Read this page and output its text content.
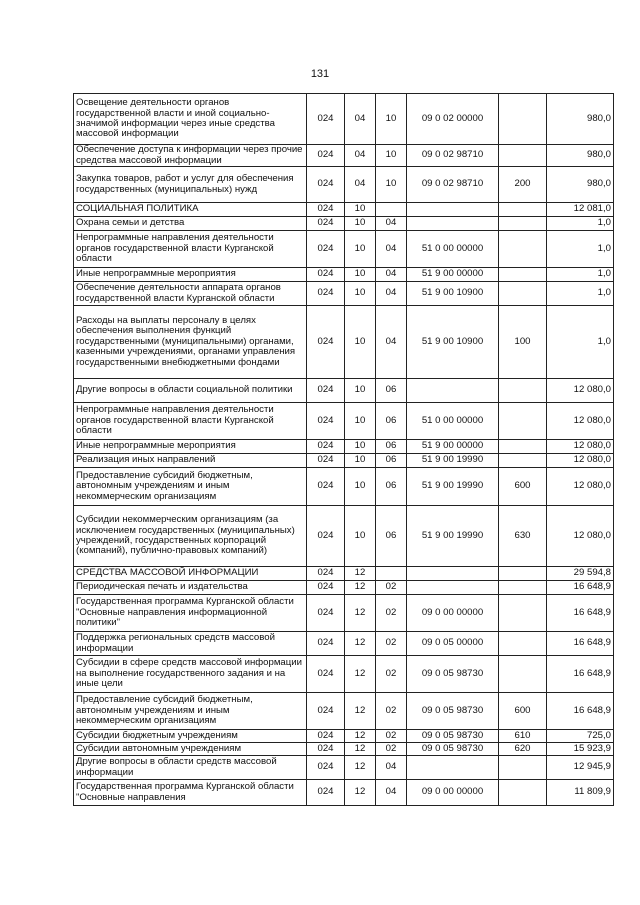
131
Освещение деятельности органов государственной власти и иной социально-значимой информации через иные средства массовой информации	024	04	10	09 0 02 00000		980,0
Обеспечение доступа к информации через прочие средства массовой информации	024	04	10	09 0 02 98710		980,0
Закупка товаров, работ и услуг для обеспечения государственных (муниципальных) нужд	024	04	10	09 0 02 98710	200	980,0
СОЦИАЛЬНАЯ ПОЛИТИКА	024	10				12 081,0
Охрана семьи и детства	024	10	04			1,0
Непрограммные направления деятельности органов государственной власти Курганской области	024	10	04	51 0 00 00000		1,0
Иные непрограммные мероприятия	024	10	04	51 9 00 00000		1,0
Обеспечение деятельности аппарата органов государственной власти Курганской области	024	10	04	51 9 00 10900		1,0
Расходы на выплаты персоналу в целях обеспечения выполнения функций государственными (муниципальными) органами, казенными учреждениями, органами управления государственными внебюджетными фондами	024	10	04	51 9 00 10900	100	1,0
Другие вопросы в области социальной политики	024	10	06			12 080,0
Непрограммные направления деятельности органов государственной власти Курганской области	024	10	06	51 0 00 00000		12 080,0
Иные непрограммные мероприятия	024	10	06	51 9 00 00000		12 080,0
Реализация иных направлений	024	10	06	51 9 00 19990		12 080,0
Предоставление субсидий бюджетным, автономным учреждениям и иным некоммерческим организациям	024	10	06	51 9 00 19990	600	12 080,0
Субсидии некоммерческим организациям (за исключением государственных (муниципальных) учреждений, государственных корпораций (компаний), публично-правовых компаний)	024	10	06	51 9 00 19990	630	12 080,0
СРЕДСТВА МАССОВОЙ ИНФОРМАЦИИ	024	12				29 594,8
Периодическая печать и издательства	024	12	02			16 648,9
Государственная программа Курганской области "Основные направления информационной политики"	024	12	02	09 0 00 00000		16 648,9
Поддержка региональных средств массовой информации	024	12	02	09 0 05 00000		16 648,9
Субсидии в сфере средств массовой информации на выполнение государственного задания и на иные цели	024	12	02	09 0 05 98730		16 648,9
Предоставление субсидий бюджетным, автономным учреждениям и иным некоммерческим организациям	024	12	02	09 0 05 98730	600	16 648,9
Субсидии бюджетным учреждениям	024	12	02	09 0 05 98730	610	725,0
Субсидии автономным учреждениям	024	12	02	09 0 05 98730	620	15 923,9
Другие вопросы в области средств массовой информации	024	12	04			12 945,9
Государственная программа Курганской области "Основные направления	024	12	04	09 0 00 00000		11 809,9
